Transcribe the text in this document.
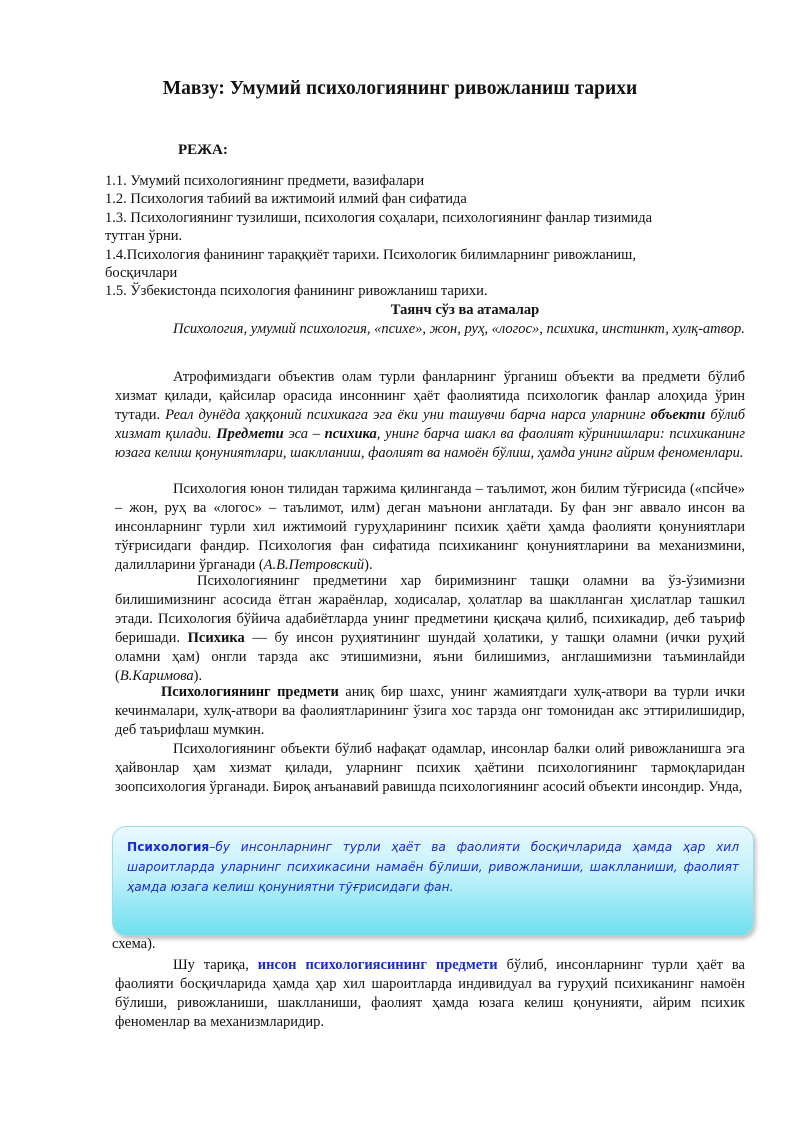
Мавзу: Умумий психологиянинг ривожланиш тарихи
РЕЖА:
1.1. Умумий психологиянинг предмети, вазифалари
1.2. Психология табиий ва ижтимоий илмий фан сифатида
1.3. Психологиянинг тузилиши, психология соҳалари, психологиянинг фанлар тизимида
тутган ўрни.
1.4.Психология фанининг тараққиёт тарихи. Психологик билимларнинг ривожланиш,
босқичлари
1.5. Ўзбекистонда психология фанининг ривожланиш тарихи.
Таянч сўз ва атамалар
Психология, умумий психология, «психе», жон, руҳ, «логос», психика, инстинкт, хулқ-атвор.

Атрофимиздаги объектив олам турли фанларнинг ўрганиш объекти ва предмети бўлиб хизмат қилади, қайсилар орасида инсоннинг ҳаёт фаолиятида психологик фанлар алоҳида ўрин тутади. Реал дунёда ҳаққоний психикага эга ёки уни ташувчи барча нарса уларнинг объекти бўлиб хизмат қилади. Предмети эса – психика, унинг барча шакл ва фаолият кўринишлари: психиканинг юзага келиш қонуниятлари, шаклланиш, фаолият ва намоён бўлиш, ҳамда унинг айрим феноменлари.

Психология юнон тилидан таржима қилинганда – таълимот, жон билим тўғрисида («псйче» – жон, руҳ ва «логос» – таълимот, илм) деган маънони англатади. Бу фан энг аввало инсон ва инсонларнинг турли хил ижтимоий гуруҳларининг психик ҳаёти ҳамда фаолияти қонуниятлари тўғрисидаги фандир. Психология фан сифатида психиканинг қонуниятларини ва механизмини, далилларини ўрганади (А.В.Петровский).

Психологиянинг предметини хар биримизнинг ташқи оламни ва ўз-ўзимизни билишимизнинг асосида ётган жараёнлар, ходисалар, ҳолатлар ва шаклланган ҳислатлар ташкил этади. Психология бўйича адабиётларда унинг предметини қисқача қилиб, психикадир, деб таъриф беришади. Психика — бу инсон руҳиятининг шундай ҳолатики, у ташқи оламни (ички руҳий оламни ҳам) онгли тарзда акс этишимизни, яъни билишимиз, англашимизни таъминлайди (В.Каримова).

Психологиянинг предмети аниқ бир шахс, унинг жамиятдаги хулқ-атвори ва турли ички кечинмалари, хулқ-атвори ва фаолиятларининг ўзига хос тарзда онг томонидан акс эттирилишидир, деб таърифлаш мумкин.

Психологиянинг объекти бўлиб нафақат одамлар, инсонлар балки олий ривожланишга эга ҳайвонлар ҳам хизмат қилади, уларнинг психик ҳаётини психологиянинг тармоқларидан зоопсихология ўрганади. Бироқ анъанавий равишда психологиянинг асосий объекти инсондир. Унда,

Психология–бу инсонларнинг турли ҳаёт ва фаолияти босқичларида ҳамда ҳар хил шароитларда уларнинг психикасини намаён бўлиши, ривожланиши, шаклланиши, фаолият ҳамда юзага келиш қонуниятни тўғрисидаги фан.
схема).

Шу тариқа, инсон психологиясининг предмети бўлиб, инсонларнинг турли ҳаёт ва фаолияти босқичларида ҳамда ҳар хил шароитларда индивидуал ва гуруҳий психиканинг намоён бўлиши, ривожланиши, шаклланиши, фаолият ҳамда юзага келиш қонунияти, айрим психик феноменлар ва механизмларидир.
